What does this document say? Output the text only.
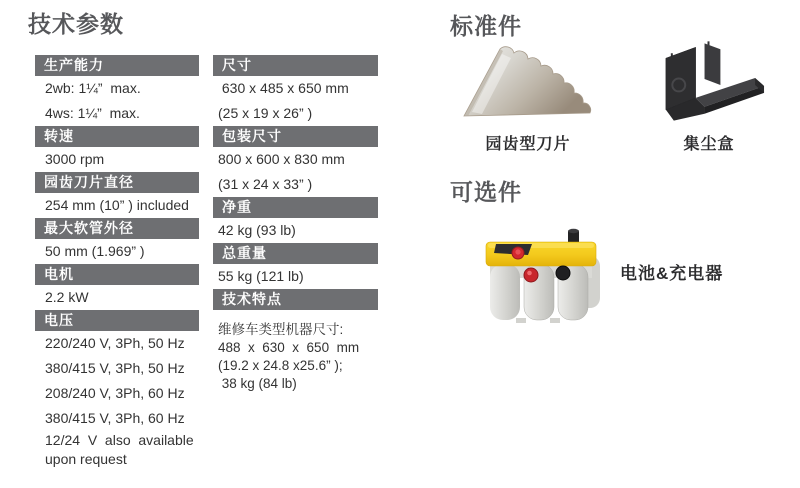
技术参数
生产能力
2wb: 1¼”  max.
4ws: 1¼”  max.
转速
3000 rpm
园齿刀片直径
254 mm (10” ) included
最大软管外径
50 mm (1.969” )
电机
2.2 kW
电压
220/240 V, 3Ph, 50 Hz
380/415 V, 3Ph, 50 Hz
208/240 V, 3Ph, 60 Hz
380/415 V, 3Ph, 60 Hz
12/24  V  also  available
upon request
尺寸
630 x 485 x 650 mm
(25 x 19 x 26” )
包装尺寸
800 x 600 x 830 mm
(31 x 24 x 33” )
净重
42 kg (93 lb)
总重量
55 kg (121 lb)
技术特点
维修车类型机器尺寸:
488  x  630  x  650  mm
(19.2 x 24.8 x25.6” );
38 kg (84 lb)
标准件
园齿型刀片	集尘盒
可选件
电池&充电器
